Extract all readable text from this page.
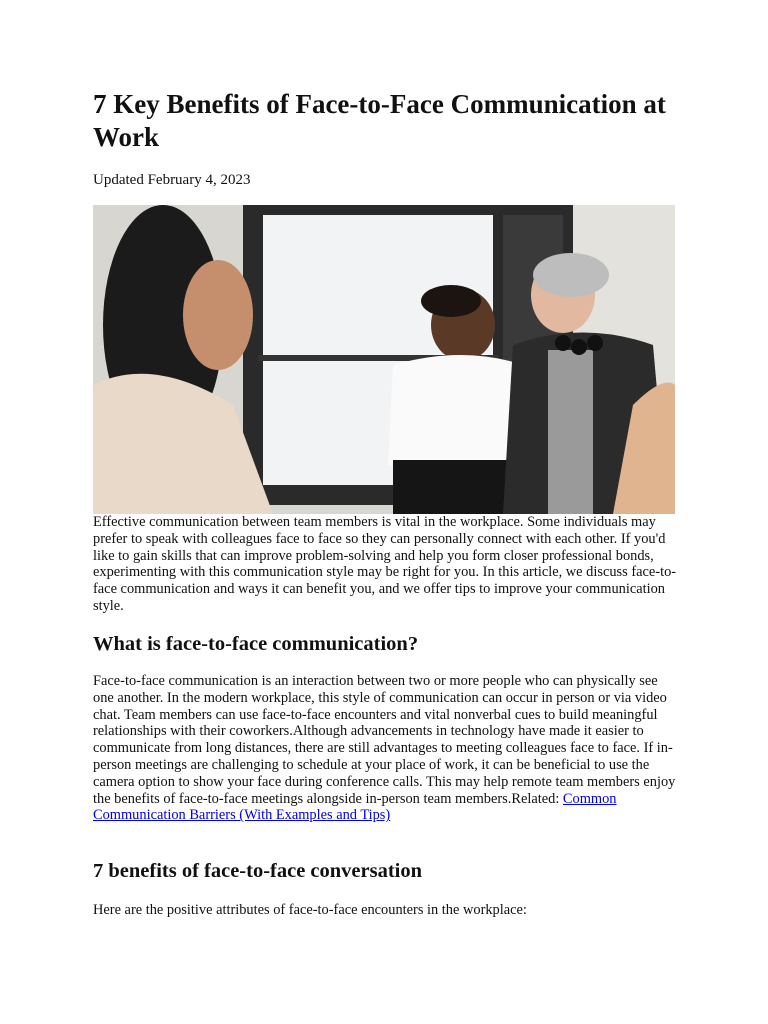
7 Key Benefits of Face-to-Face Communication at Work
Updated February 4, 2023

Effective communication between team members is vital in the workplace. Some individuals may prefer to speak with colleagues face to face so they can personally connect with each other. If you'd like to gain skills that can improve problem-solving and help you form closer professional bonds, experimenting with this communication style may be right for you. In this article, we discuss face-to-face communication and ways it can benefit you, and we offer tips to improve your communication style.

What is face-to-face communication?

Face-to-face communication is an interaction between two or more people who can physically see one another. In the modern workplace, this style of communication can occur in person or via video chat. Team members can use face-to-face encounters and vital nonverbal cues to build meaningful relationships with their coworkers.Although advancements in technology have made it easier to communicate from long distances, there are still advantages to meeting colleagues face to face. If in-person meetings are challenging to schedule at your place of work, it can be beneficial to use the camera option to show your face during conference calls. This may help remote team members enjoy the benefits of face-to-face meetings alongside in-person team members.Related: Common Communication Barriers (With Examples and Tips)

7 benefits of face-to-face conversation

Here are the positive attributes of face-to-face encounters in the workplace:
